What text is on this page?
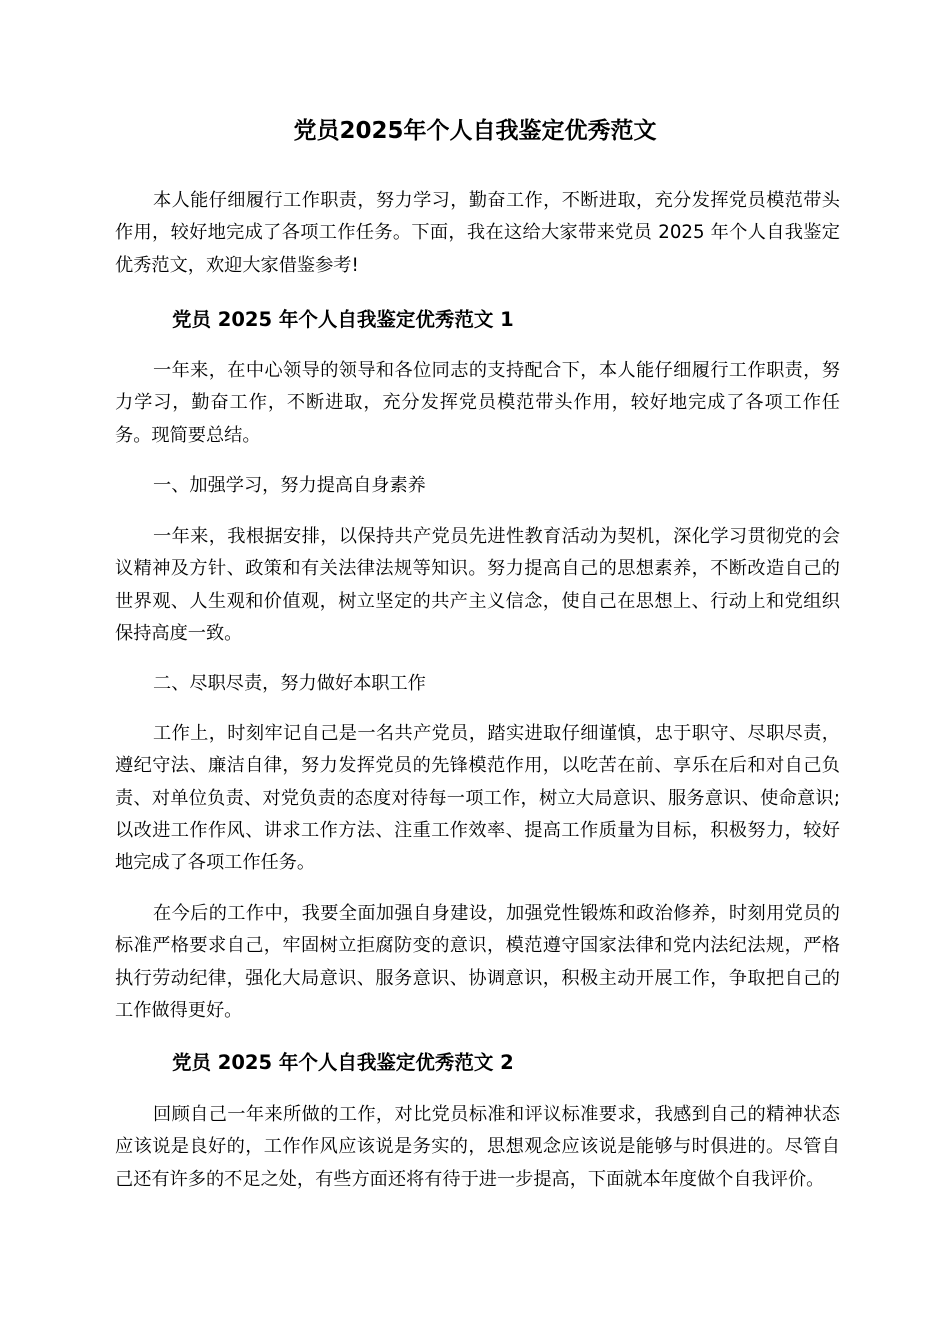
党员2025年个人自我鉴定优秀范文

本人能仔细履行工作职责，努力学习，勤奋工作，不断进取，充分发挥党员模范带头作用，较好地完成了各项工作任务。下面，我在这给大家带来党员 2025 年个人自我鉴定优秀范文，欢迎大家借鉴参考!

党员 2025 年个人自我鉴定优秀范文 1

一年来，在中心领导的领导和各位同志的支持配合下，本人能仔细履行工作职责，努力学习，勤奋工作，不断进取，充分发挥党员模范带头作用，较好地完成了各项工作任务。现简要总结。

一、加强学习，努力提高自身素养

一年来，我根据安排，以保持共产党员先进性教育活动为契机，深化学习贯彻党的会议精神及方针、政策和有关法律法规等知识。努力提高自己的思想素养，不断改造自己的世界观、人生观和价值观，树立坚定的共产主义信念，使自己在思想上、行动上和党组织保持高度一致。

二、尽职尽责，努力做好本职工作

工作上，时刻牢记自己是一名共产党员，踏实进取仔细谨慎，忠于职守、尽职尽责，遵纪守法、廉洁自律，努力发挥党员的先锋模范作用，以吃苦在前、享乐在后和对自己负责、对单位负责、对党负责的态度对待每一项工作，树立大局意识、服务意识、使命意识;以改进工作作风、讲求工作方法、注重工作效率、提高工作质量为目标，积极努力，较好地完成了各项工作任务。

在今后的工作中，我要全面加强自身建设，加强党性锻炼和政治修养，时刻用党员的标准严格要求自己，牢固树立拒腐防变的意识，模范遵守国家法律和党内法纪法规，严格执行劳动纪律，强化大局意识、服务意识、协调意识，积极主动开展工作，争取把自己的工作做得更好。

党员 2025 年个人自我鉴定优秀范文 2

回顾自己一年来所做的工作，对比党员标准和评议标准要求，我感到自己的精神状态应该说是良好的，工作作风应该说是务实的，思想观念应该说是能够与时俱进的。尽管自己还有许多的不足之处，有些方面还将有待于进一步提高，下面就本年度做个自我评价。
